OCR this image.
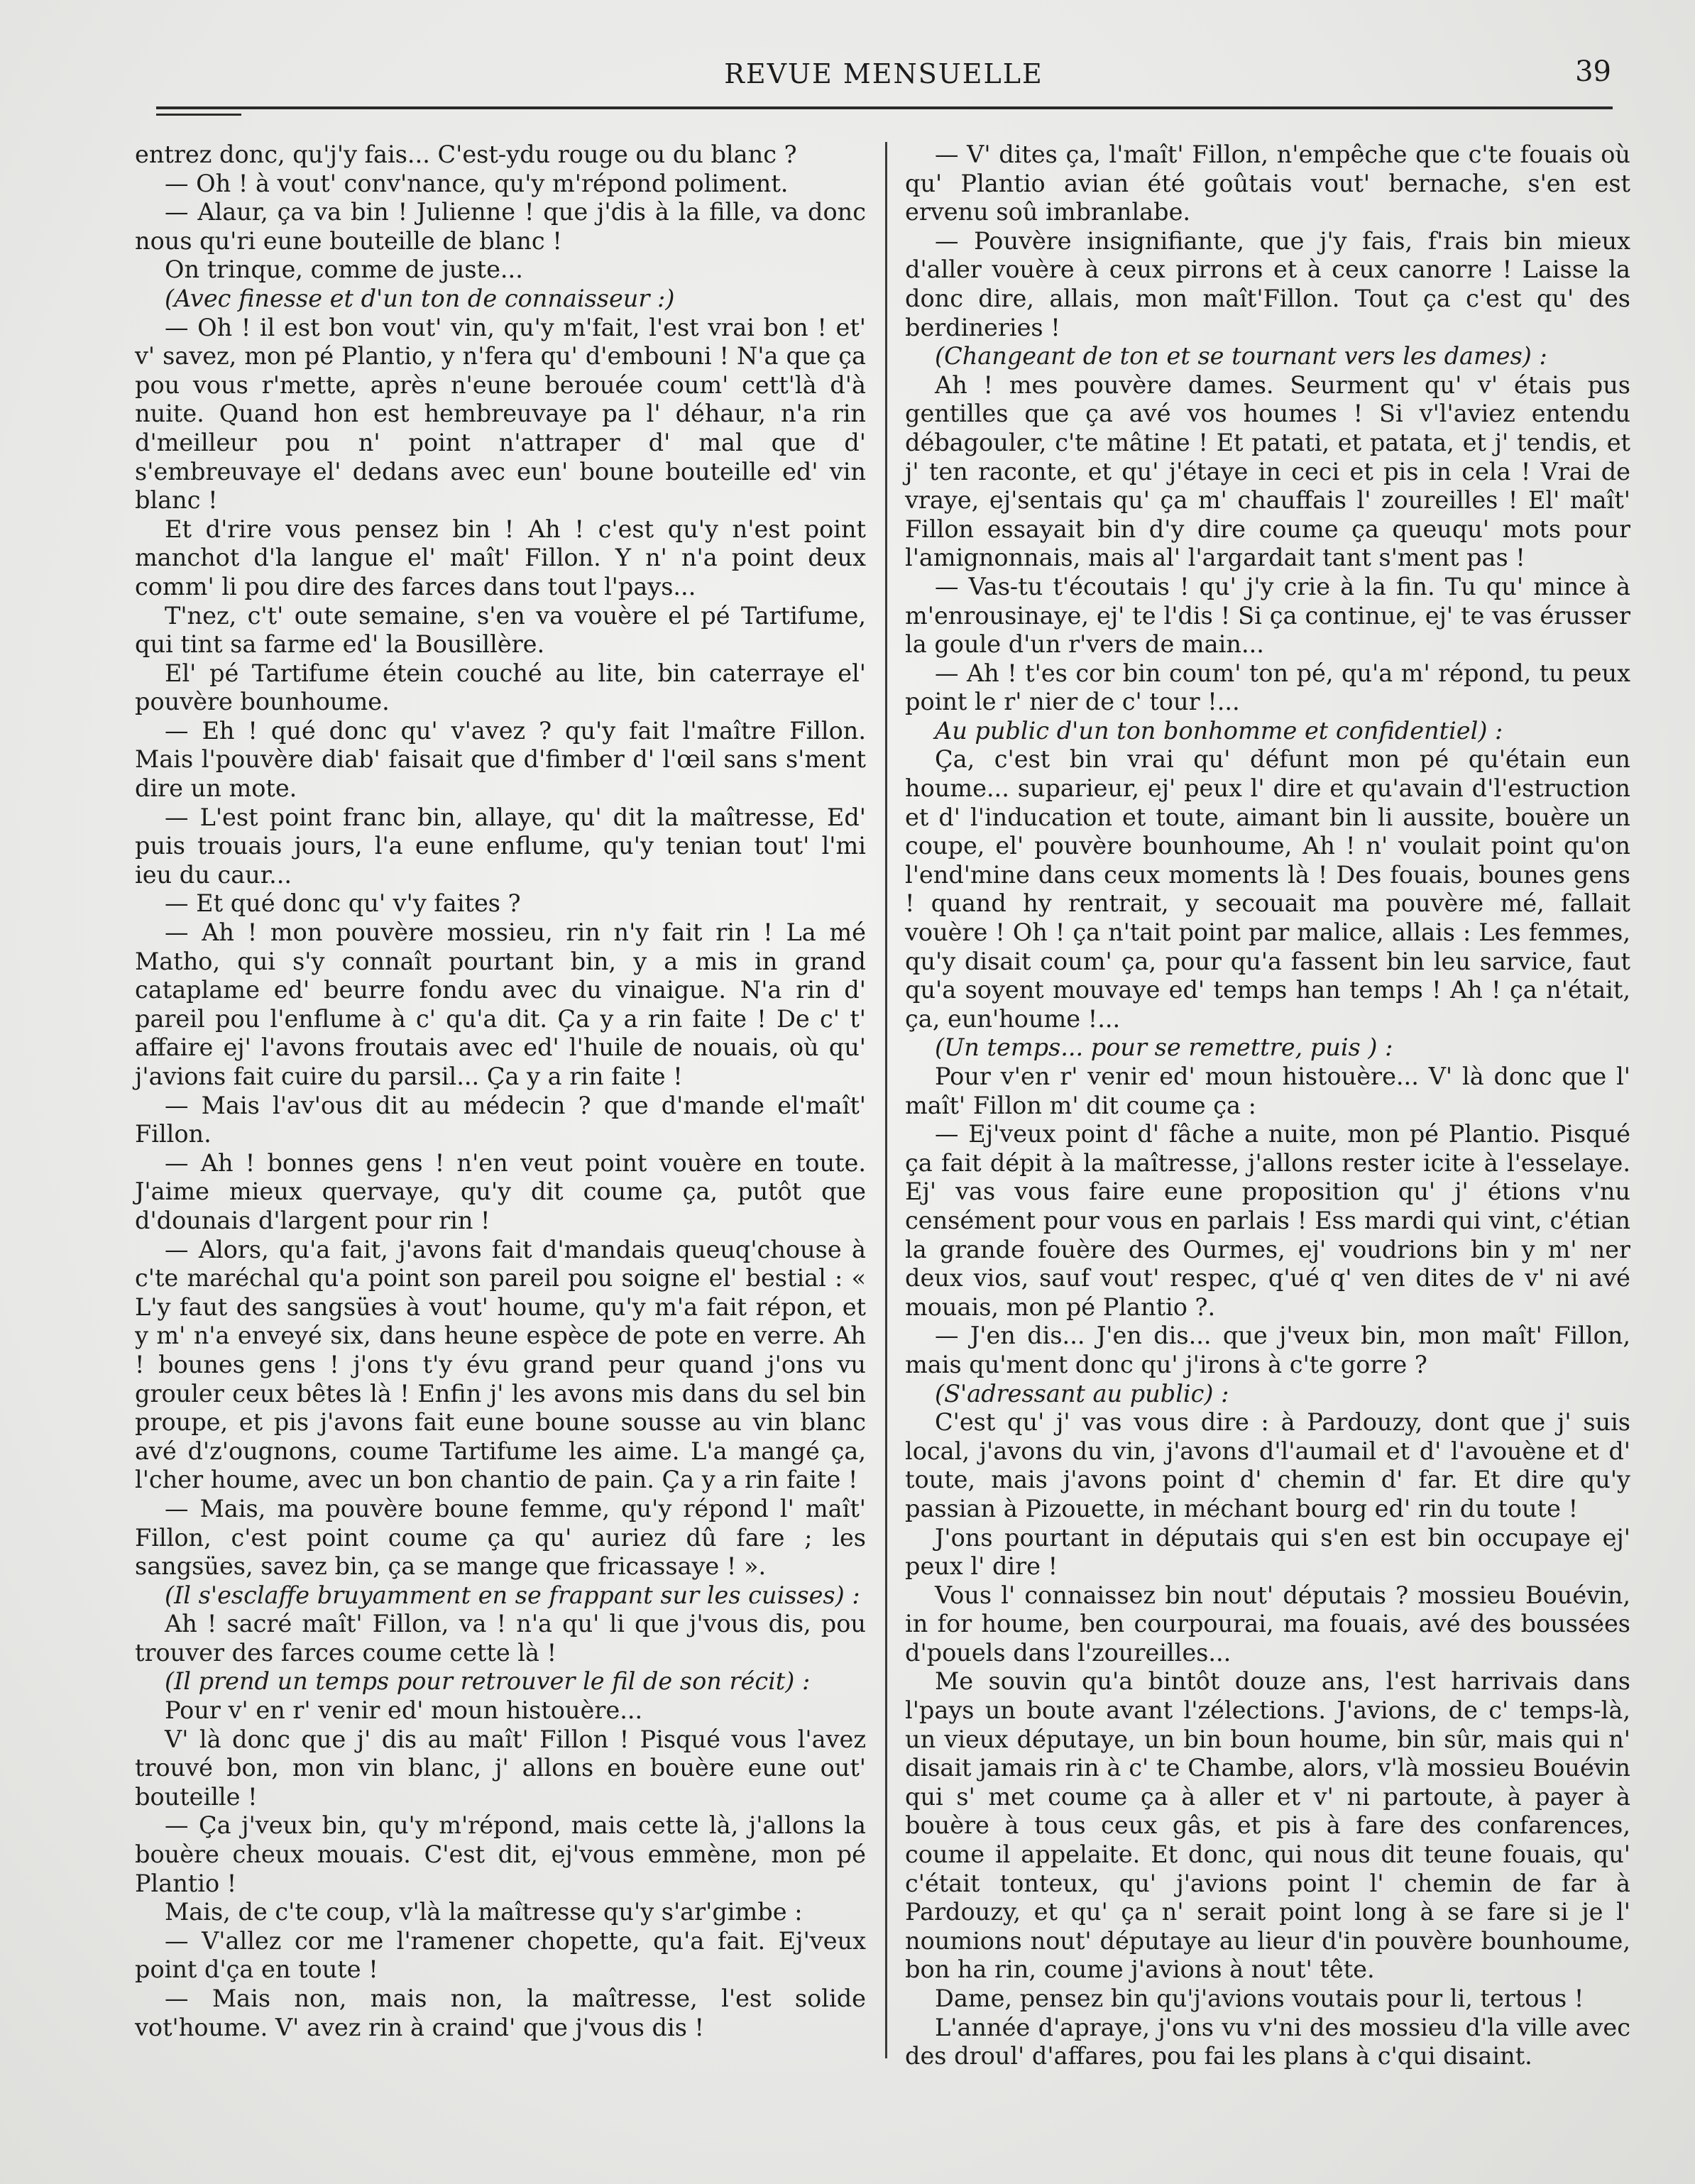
REVUE MENSUELLE	39

entrez donc, qu'j'y fais... C'est-ydu rouge ou du blanc ?

— Oh ! à vout' conv'nance, qu'y m'répond poliment.

— Alaur, ça va bin ! Julienne ! que j'dis à la fille, va donc nous qu'ri eune bouteille de blanc !

On trinque, comme de juste...

(Avec finesse et d'un ton de connaisseur :)

— Oh ! il est bon vout' vin, qu'y m'fait, l'est vrai bon ! et' v' savez, mon pé Plantio, y n'fera qu' d'embouni ! N'a que ça pou vous r'mette, après n'eune berouée coum' cett'là d'à nuite. Quand hon est hembreuvaye pa l' déhaur, n'a rin d'meilleur pou n' point n'attraper d' mal que d' s'embreuvaye el' dedans avec eun' boune bouteille ed' vin blanc !

Et d'rire vous pensez bin ! Ah ! c'est qu'y n'est point manchot d'la langue el' maît' Fillon. Y n' n'a point deux comm' li pou dire des farces dans tout l'pays...

T'nez, c't' oute semaine, s'en va vouère el pé Tartifume, qui tint sa farme ed' la Bousillère.

El' pé Tartifume étein couché au lite, bin caterraye el' pouvère bounhoume.

— Eh ! qué donc qu' v'avez ? qu'y fait l'maître Fillon. Mais l'pouvère diab' faisait que d'fimber d' l'œil sans s'ment dire un mote.

— L'est point franc bin, allaye, qu' dit la maîtresse, Ed' puis trouais jours, l'a eune enflume, qu'y tenian tout' l'mi ieu du caur...

— Et qué donc qu' v'y faites ?

— Ah ! mon pouvère mossieu, rin n'y fait rin ! La mé Matho, qui s'y connaît pourtant bin, y a mis in grand cataplame ed' beurre fondu avec du vinaigue. N'a rin d' pareil pou l'enflume à c' qu'a dit. Ça y a rin faite ! De c' t' affaire ej' l'avons froutais avec ed' l'huile de nouais, où qu' j'avions fait cuire du parsil... Ça y a rin faite !

— Mais l'av'ous dit au médecin ? que d'mande el'maît' Fillon.

— Ah ! bonnes gens ! n'en veut point vouère en toute. J'aime mieux quervaye, qu'y dit coume ça, putôt que d'dounais d'largent pour rin !

— Alors, qu'a fait, j'avons fait d'mandais queuq'chouse à c'te maréchal qu'a point son pareil pou soigne el' bestial : « L'y faut des sangsües à vout' houme, qu'y m'a fait répon, et y m' n'a enveyé six, dans heune espèce de pote en verre. Ah ! bounes gens ! j'ons t'y évu grand peur quand j'ons vu grouler ceux bêtes là ! Enfin j' les avons mis dans du sel bin proupe, et pis j'avons fait eune boune sousse au vin blanc avé d'z'ougnons, coume Tartifume les aime. L'a mangé ça, l'cher houme, avec un bon chantio de pain. Ça y a rin faite !

— Mais, ma pouvère boune femme, qu'y répond l' maît' Fillon, c'est point coume ça qu' auriez dû fare ; les sangsües, savez bin, ça se mange que fricassaye ! ».

(Il s'esclaffe bruyamment en se frappant sur les cuisses) :

Ah ! sacré maît' Fillon, va ! n'a qu' li que j'vous dis, pou trouver des farces coume cette là !

(Il prend un temps pour retrouver le fil de son récit) :

Pour v' en r' venir ed' moun histouère...

V' là donc que j' dis au maît' Fillon ! Pisqué vous l'avez trouvé bon, mon vin blanc, j' allons en bouère eune out' bouteille !

— Ça j'veux bin, qu'y m'répond, mais cette là, j'allons la bouère cheux mouais. C'est dit, ej'vous emmène, mon pé Plantio !

Mais, de c'te coup, v'là la maîtresse qu'y s'ar'gimbe :

— V'allez cor me l'ramener chopette, qu'a fait. Ej'veux point d'ça en toute !

— Mais non, mais non, la maîtresse, l'est solide vot'houme. V' avez rin à craind' que j'vous dis !

— V' dites ça, l'maît' Fillon, n'empêche que c'te fouais où qu' Plantio avian été goûtais vout' bernache, s'en est ervenu soû imbranlabe.

— Pouvère insignifiante, que j'y fais, f'rais bin mieux d'aller vouère à ceux pirrons et à ceux canorre ! Laisse la donc dire, allais, mon maît'Fillon. Tout ça c'est qu' des berdineries !

(Changeant de ton et se tournant vers les dames) :

Ah ! mes pouvère dames. Seurment qu' v' étais pus gentilles que ça avé vos houmes ! Si v'l'aviez entendu débagouler, c'te mâtine ! Et patati, et patata, et j' tendis, et j' ten raconte, et qu' j'étaye in ceci et pis in cela ! Vrai de vraye, ej'sentais qu' ça m' chauffais l' zoureilles ! El' maît' Fillon essayait bin d'y dire coume ça queuqu' mots pour l'amignonnais, mais al' l'argardait tant s'ment pas !

— Vas-tu t'écoutais ! qu' j'y crie à la fin. Tu qu' mince à m'enrousinaye, ej' te l'dis ! Si ça continue, ej' te vas érusser la goule d'un r'vers de main...

— Ah ! t'es cor bin coum' ton pé, qu'a m' répond, tu peux point le r' nier de c' tour !...

Au public d'un ton bonhomme et confidentiel) :

Ça, c'est bin vrai qu' défunt mon pé qu'étain eun houme... suparieur, ej' peux l' dire et qu'avain d'l'estruction et d' l'inducation et toute, aimant bin li aussite, bouère un coupe, el' pouvère bounhoume, Ah ! n' voulait point qu'on l'end'mine dans ceux moments là ! Des fouais, bounes gens ! quand hy rentrait, y secouait ma pouvère mé, fallait vouère ! Oh ! ça n'tait point par malice, allais : Les femmes, qu'y disait coum' ça, pour qu'a fassent bin leu sarvice, faut qu'a soyent mouvaye ed' temps han temps ! Ah ! ça n'était, ça, eun'houme !...

(Un temps... pour se remettre, puis ) :

Pour v'en r' venir ed' moun histouère... V' là donc que l' maît' Fillon m' dit coume ça :

— Ej'veux point d' fâche a nuite, mon pé Plantio. Pisqué ça fait dépit à la maîtresse, j'allons rester icite à l'esselaye. Ej' vas vous faire eune proposition qu' j' étions v'nu censément pour vous en parlais ! Ess mardi qui vint, c'étian la grande fouère des Ourmes, ej' voudrions bin y m' ner deux vios, sauf vout' respec, q'ué q' ven dites de v' ni avé mouais, mon pé Plantio ?.

— J'en dis... J'en dis... que j'veux bin, mon maît' Fillon, mais qu'ment donc qu' j'irons à c'te gorre ?

(S'adressant au public) :

C'est qu' j' vas vous dire : à Pardouzy, dont que j' suis local, j'avons du vin, j'avons d'l'aumail et d' l'avouène et d' toute, mais j'avons point d' chemin d' far. Et dire qu'y passian à Pizouette, in méchant bourg ed' rin du toute !

J'ons pourtant in députais qui s'en est bin occupaye ej' peux l' dire !

Vous l' connaissez bin nout' députais ? mossieu Bouévin, in for houme, ben courpourai, ma fouais, avé des boussées d'pouels dans l'zoureilles...

Me souvin qu'a bintôt douze ans, l'est harrivais dans l'pays un boute avant l'zélections. J'avions, de c' temps-là, un vieux députaye, un bin boun houme, bin sûr, mais qui n' disait jamais rin à c' te Chambe, alors, v'là mossieu Bouévin qui s' met coume ça à aller et v' ni partoute, à payer à bouère à tous ceux gâs, et pis à fare des confarences, coume il appelaite. Et donc, qui nous dit teune fouais, qu' c'était tonteux, qu' j'avions point l' chemin de far à Pardouzy, et qu' ça n' serait point long à se fare si je l' noumions nout' députaye au lieur d'in pouvère bounhoume, bon ha rin, coume j'avions à nout' tête.

Dame, pensez bin qu'j'avions voutais pour li, tertous !

L'année d'apraye, j'ons vu v'ni des mossieu d'la ville avec des droul' d'affares, pou fai les plans à c'qui disaint.
